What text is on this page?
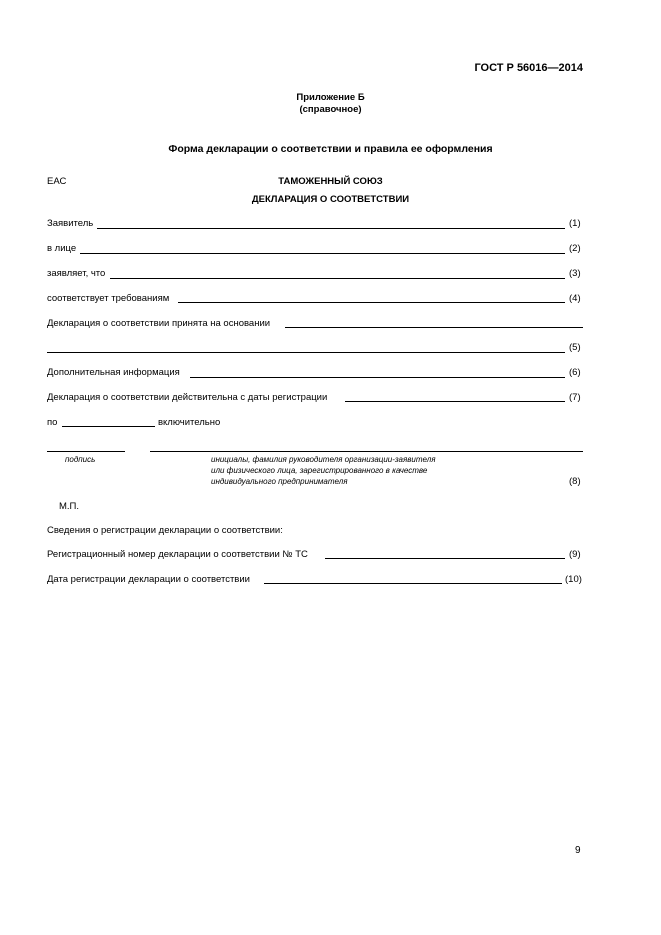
ГОСТ Р 56016—2014
Приложение Б
(справочное)
Форма декларации о соответствии и правила ее оформления
ЕАС	ТАМОЖЕННЫЙ СОЮЗ
ДЕКЛАРАЦИЯ О СООТВЕТСТВИИ
Заявитель	(1)
в лице	(2)
заявляет, что	(3)
соответствует требованиям	(4)
Декларация о соответствии принята на основании
(5)
Дополнительная информация	(6)
Декларация о соответствии действительна с даты регистрации	(7)
по	включительно
подпись	инициалы, фамилия руководителя организации-заявителя
или физического лица, зарегистрированного в качестве
индивидуального предпринимателя	(8)
М.П.
Сведения о регистрации декларации о соответствии:
Регистрационный номер декларации о соответствии № ТС	(9)
Дата регистрации декларации о соответствии	(10)
9
